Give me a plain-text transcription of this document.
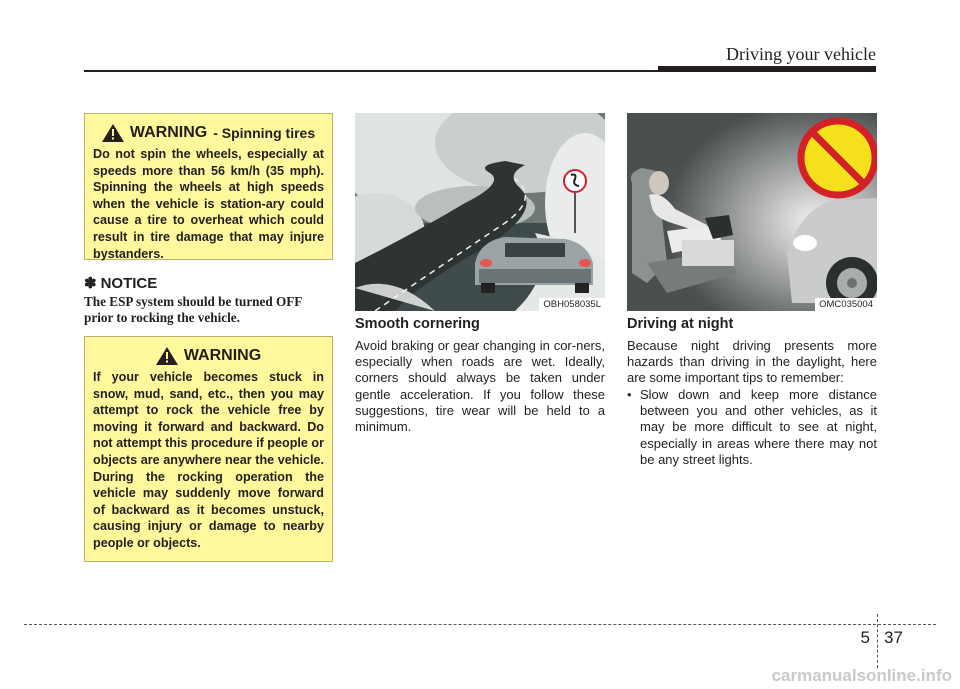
Driving your vehicle
WARNING - Spinning tires
Do not spin the wheels, especially at speeds more than 56 km/h (35 mph). Spinning the wheels at high speeds when the vehicle is station-ary could cause a tire to overheat which could result in tire damage that may injure bystanders.
✽ NOTICE
The ESP system should be turned OFF prior to rocking the vehicle.
WARNING
If your vehicle becomes stuck in snow, mud, sand, etc., then you may attempt to rock the vehicle free by moving it forward and backward. Do not attempt this procedure if people or objects are anywhere near the vehicle. During the rocking operation the vehicle may suddenly move forward of backward as it becomes unstuck, causing injury or damage to nearby people or objects.
OBH058035L	OMC035004
Smooth cornering
Avoid braking or gear changing in cor-ners, especially when roads are wet. Ideally, corners should always be taken under gentle acceleration. If you follow these suggestions, tire wear will be held to a minimum.
Driving at night
Because night driving presents more hazards than driving in the daylight, here are some important tips to remember:
• Slow down and keep more distance between you and other vehicles, as it may be more difficult to see at night, especially in areas where there may not be any street lights.
5 37
carmanualsonline.info
